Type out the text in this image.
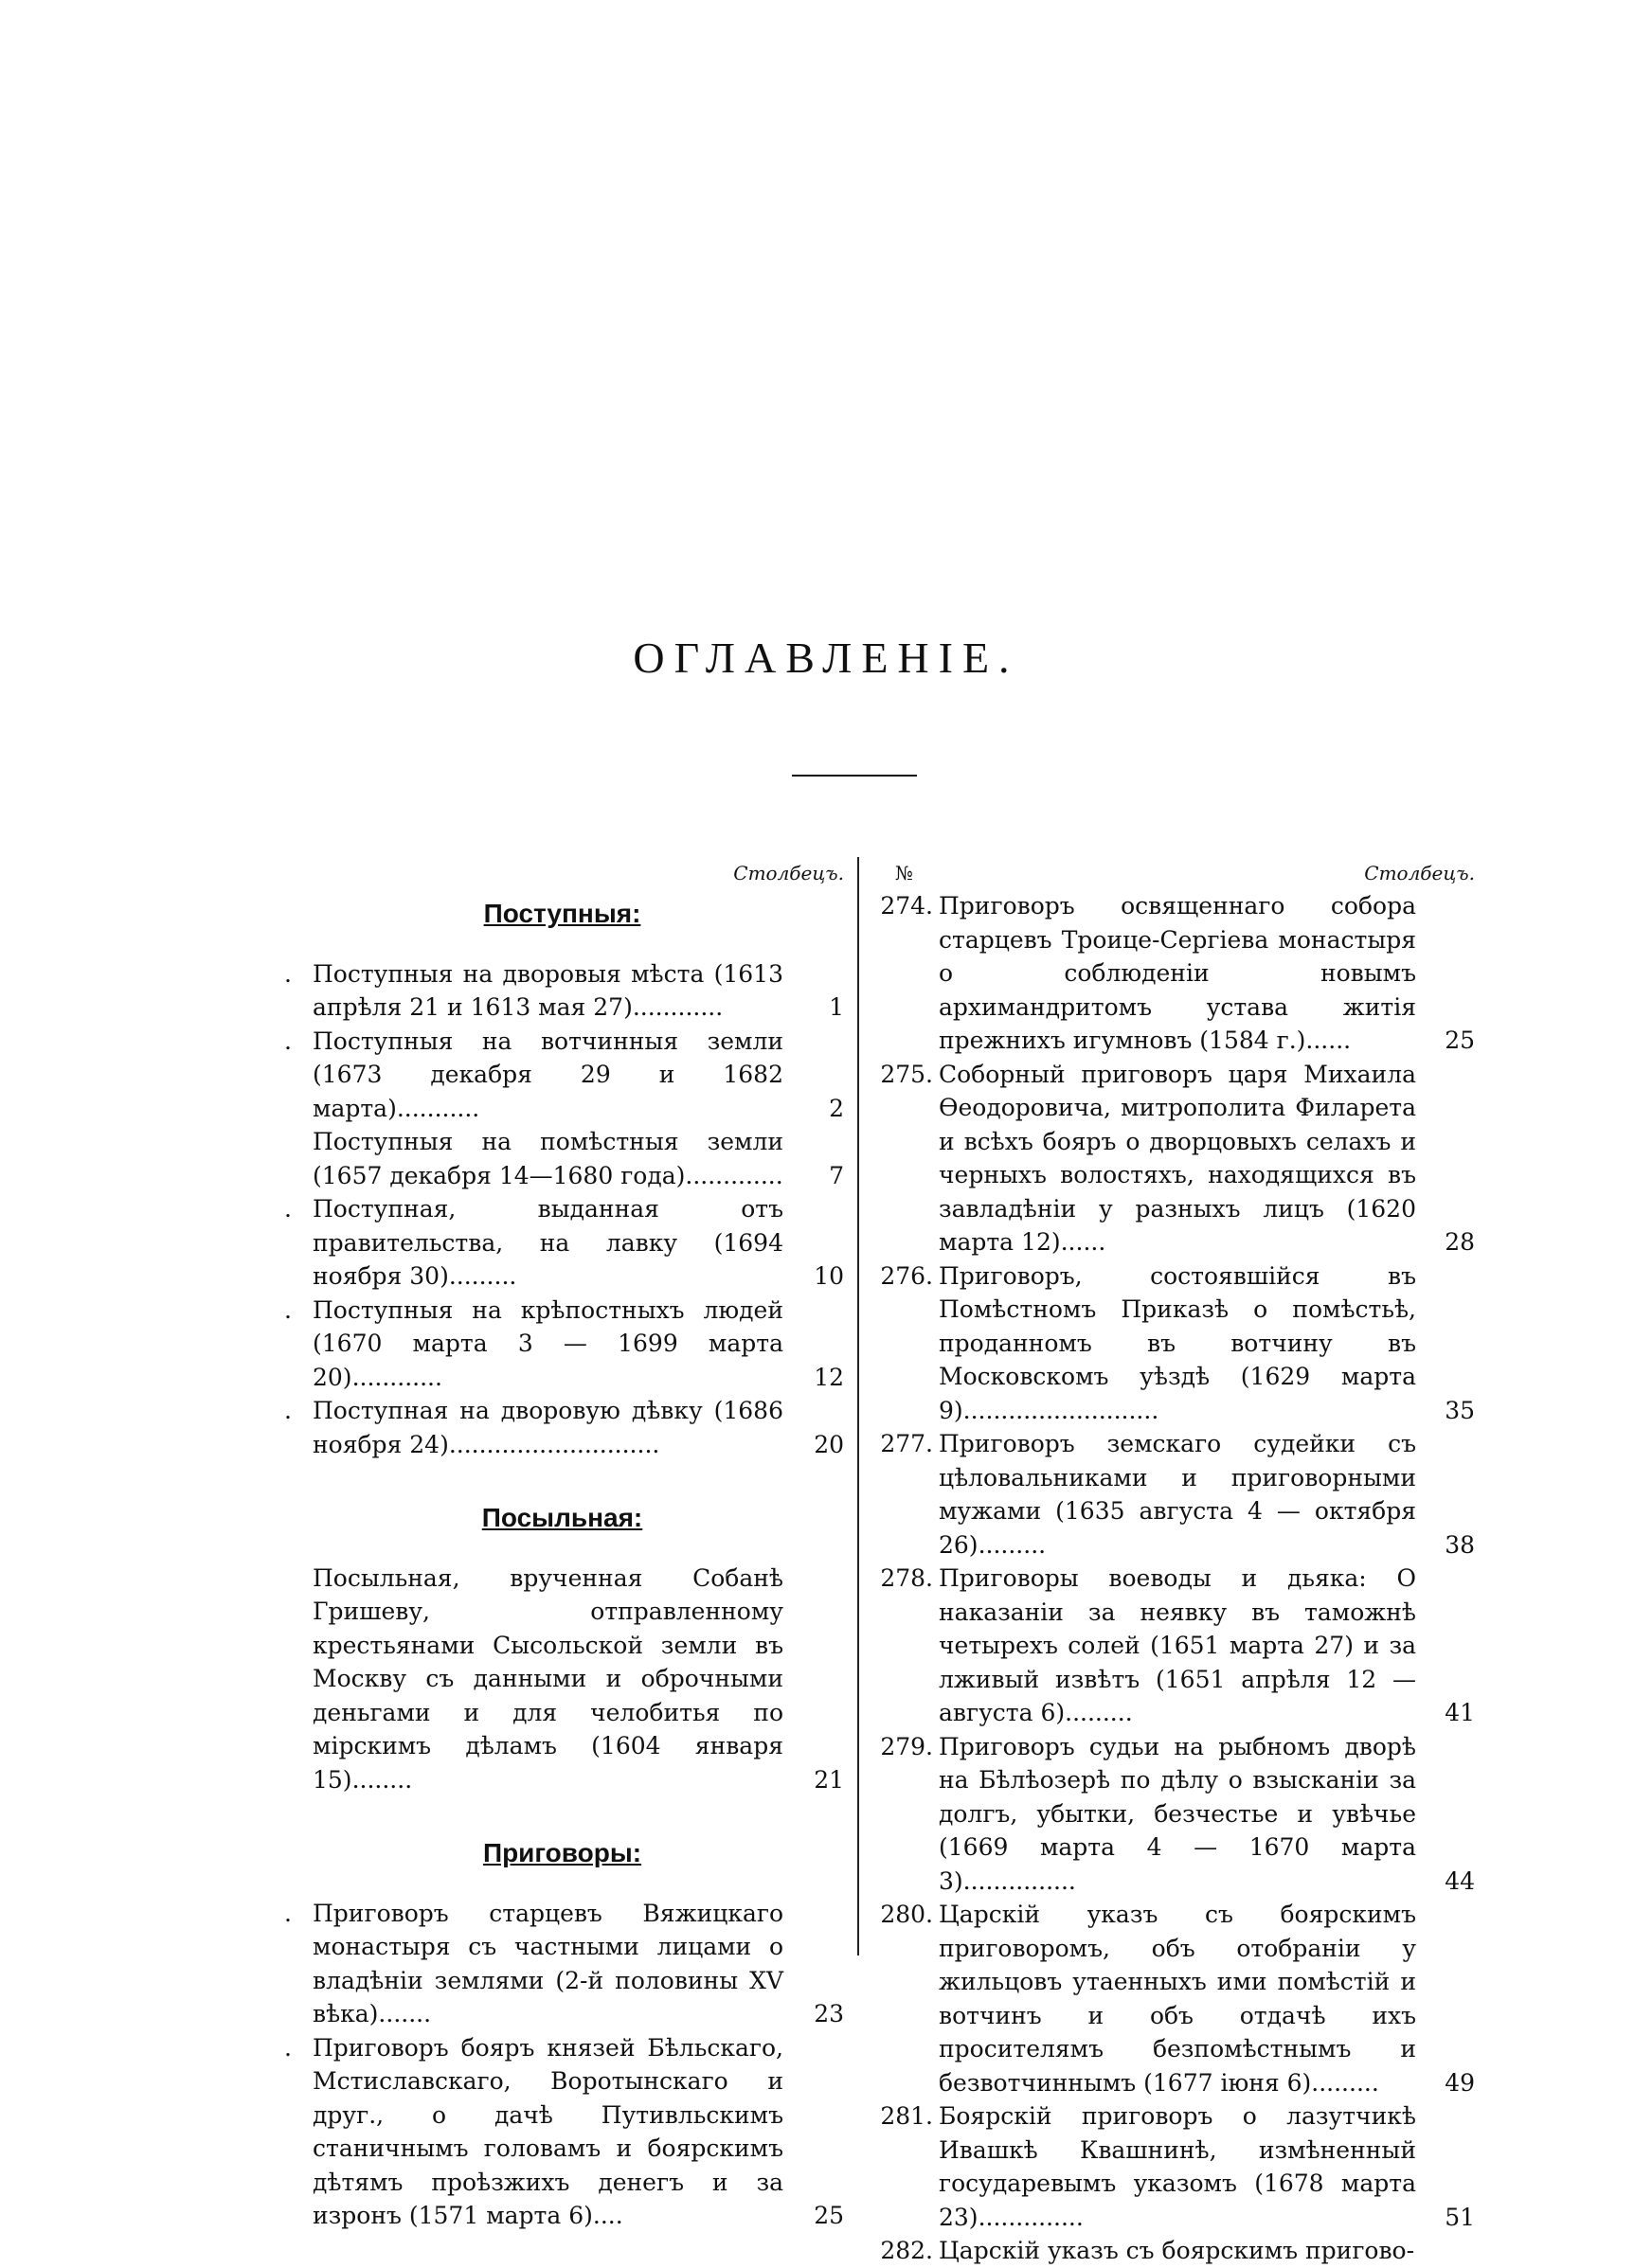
ОГЛАВЛЕНІЕ.
Столбецъ.
Поступныя:
. Поступныя на дворовыя мѣста (1613 апрѣля 21 и 1613 мая 27)............	1
. Поступныя на вотчинныя земли (1673 декабря 29 и 1682 марта)...........	2
Поступныя на помѣстныя земли (1657 декабря 14—1680 года).............	7
. Поступная, выданная отъ правительства, на лавку (1694 ноября 30).........	10
. Поступныя на крѣпостныхъ людей (1670 марта 3 — 1699 марта 20)............	12
. Поступная на дворовую дѣвку (1686 ноября 24)............................	20
Посыльная:
Посыльная, врученная Собанѣ Гришеву, отправленному крестьянами Сысольской земли въ Москву съ данными и оброчными деньгами и для челобитья по мірскимъ дѣламъ (1604 января 15)........	21
Приговоры:
. Приговоръ старцевъ Вяжицкаго монастыря съ частными лицами о владѣніи землями (2-й половины XV вѣка).......	23
. Приговоръ бояръ князей Бѣльскаго, Мстиславскаго, Воротынскаго и друг., о дачѣ Путивльскимъ станичнымъ головамъ и боярскимъ дѣтямъ проѣзжихъ денегъ и за изронъ (1571 марта 6)....	25
№	Столбецъ.
274. Приговоръ освященнаго собора старцевъ Троице-Сергіева монастыря о соблюденіи новымъ архимандритомъ устава житія прежнихъ игумновъ (1584 г.)......	25
275. Соборный приговоръ царя Михаила Ѳеодоровича, митрополита Филарета и всѣхъ бояръ о дворцовыхъ селахъ и черныхъ волостяхъ, находящихся въ завладѣніи у разныхъ лицъ (1620 марта 12)......	28
276. Приговоръ, состоявшійся въ Помѣстномъ Приказѣ о помѣстьѣ, проданномъ въ вотчину въ Московскомъ уѣздѣ (1629 марта 9)..........................	35
277. Приговоръ земскаго судейки съ цѣловальниками и приговорными мужами (1635 августа 4 — октября 26).........	38
278. Приговоры воеводы и дьяка: О наказаніи за неявку въ таможнѣ четырехъ солей (1651 марта 27) и за лживый извѣтъ (1651 апрѣля 12 — августа 6).........	41
279. Приговоръ судьи на рыбномъ дворѣ на Бѣлѣозерѣ по дѣлу о взысканіи за долгъ, убытки, безчестье и увѣчье (1669 марта 4 — 1670 марта 3)...............	44
280. Царскій указъ съ боярскимъ приговоромъ, объ отобраніи у жильцовъ утаенныхъ ими помѣстій и вотчинъ и объ отдачѣ ихъ просителямъ безпомѣстнымъ и безвотчиннымъ (1677 іюня 6).........	49
281. Боярскій приговоръ о лазутчикѣ Ивашкѣ Квашнинѣ, измѣненный государевымъ указомъ (1678 марта 23)..............	51
282. Царскій указъ съ боярскимъ пригово-
